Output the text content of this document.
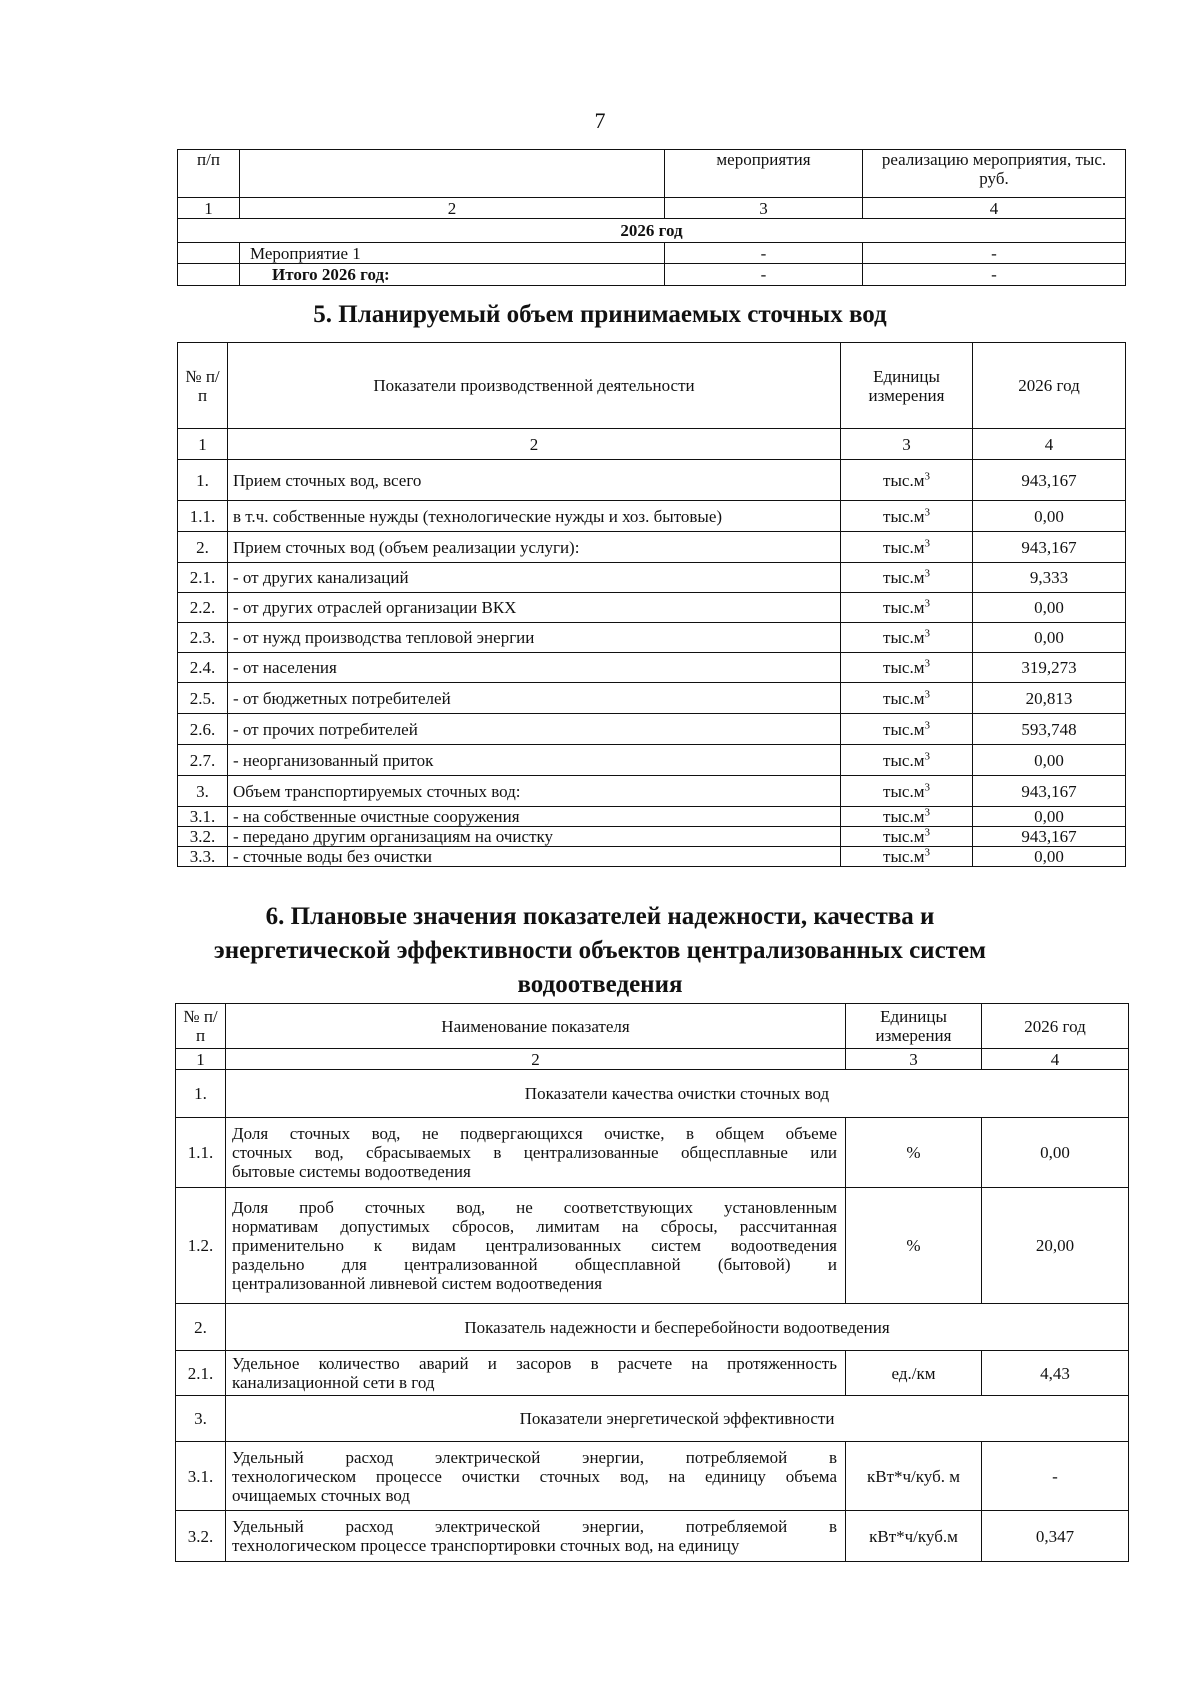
7
п/п		мероприятия	реализацию мероприятия, тыс. руб.
1	2	3	4
2026 год			
	Мероприятие 1	-	-
	Итого 2026 год:	-	-
5. Планируемый объем принимаемых сточных вод
№ п/п	Показатели производственной деятельности	Единицы измерения	2026 год
1	2	3	4
1.	Прием сточных вод, всего	$тыс.м^3$	943,167
1.1.	в т.ч. собственные нужды (технологические нужды и хоз. бытовые)	$тыс.м^3$	0,00
2.	Прием сточных вод (объем реализации услуги):	$тыс.м^3$	943,167
2.1.	- от других канализаций	$тыс.м^3$	9,333
2.2.	- от других отраслей организации ВКХ	$тыс.м^3$	0,00
2.3.	- от нужд производства тепловой энергии	$тыс.м^3$	0,00
2.4.	- от населения	$тыс.м^3$	319,273
2.5.	- от бюджетных потребителей	$тыс.м^3$	20,813
2.6.	- от прочих потребителей	$тыс.м^3$	593,748
2.7.	- неорганизованный приток	$тыс.м^3$	0,00
3.	Объем транспортируемых сточных вод:	$тыс.м^3$	943,167
3.1.	- на собственные очистные сооружения	$тыс.м^3$	0,00
3.2.	- передано другим организациям на очистку	$тыс.м^3$	943,167
3.3.	- сточные воды без очистки	$тыс.м^3$	0,00
6. Плановые значения показателей надежности, качества и
энергетической эффективности объектов централизованных систем
водоотведения
№ п/п	Наименование показателя	Единицы измерения	2026 год
1	2	3	4
1.	Показатели качества очистки сточных вод		
1.1.	Доля сточных вод, не подвергающихся очистке, в общем объеме
сточных вод, сбрасываемых в централизованные общесплавные или
бытовые системы водоотведения	%	0,00
1.2.	Доля проб сточных вод, не соответствующих установленным
нормативам допустимых сбросов, лимитам на сбросы, рассчитанная
применительно к видам централизованных систем водоотведения
раздельно для централизованной общесплавной (бытовой) и
централизованной ливневой систем водоотведения	%	20,00
2.	Показатель надежности и бесперебойности водоотведения		
2.1.	Удельное количество аварий и засоров в расчете на протяженность
канализационной сети в год	ед./км	4,43
3.	Показатели энергетической эффективности		
3.1.	Удельный расход электрической энергии, потребляемой в
технологическом процессе очистки сточных вод, на единицу объема
очищаемых сточных вод	кВт*ч/куб. м	-
3.2.	Удельный расход электрической энергии, потребляемой в
технологическом процессе транспортировки сточных вод, на единицу	кВт*ч/куб.м	0,347
